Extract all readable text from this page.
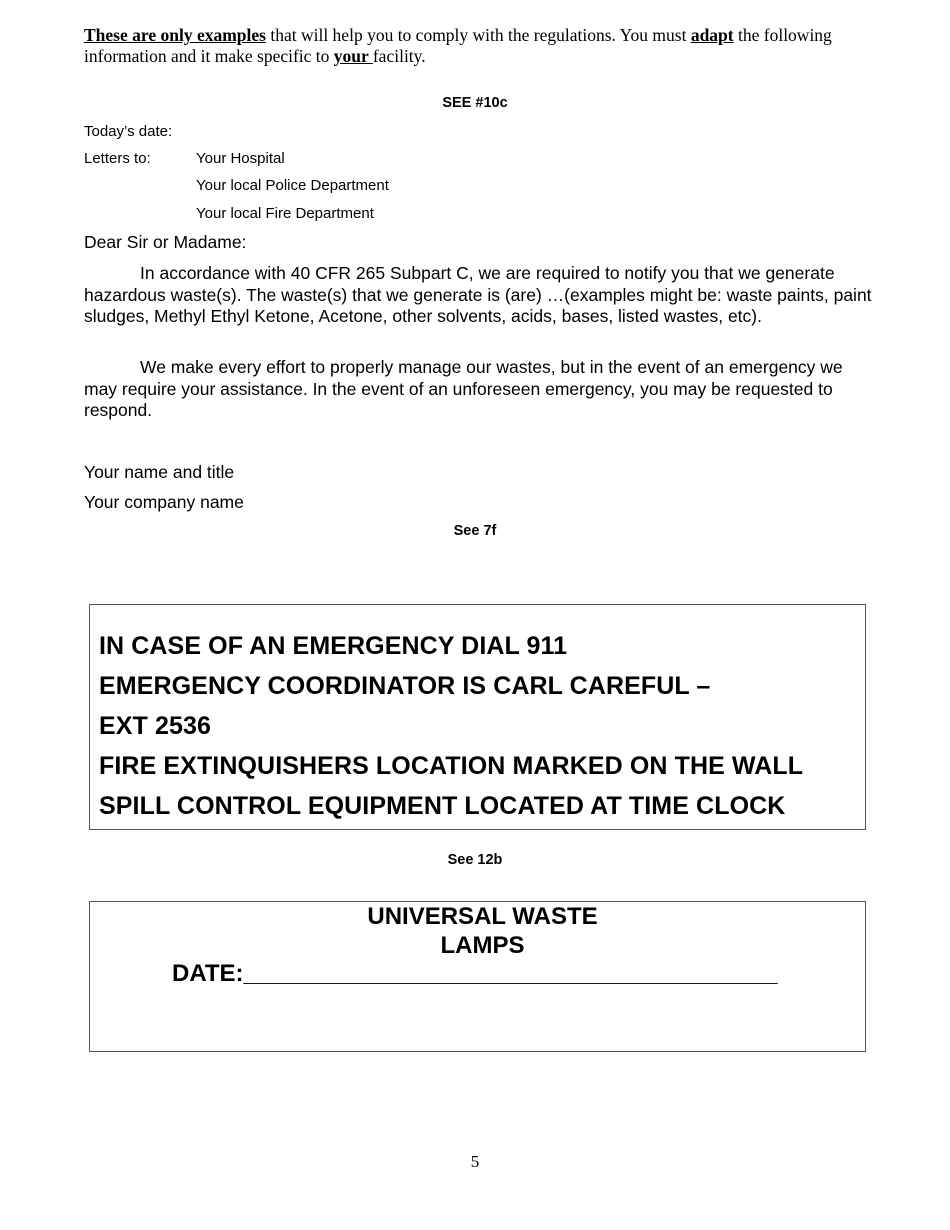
These are only examples that will help you to comply with the regulations. You must adapt the following information and it make specific to your facility.
SEE #10c
Today’s date:
Letters to:	Your Hospital
Your local Police Department
Your local Fire Department
Dear Sir or Madame:
In accordance with 40 CFR 265 Subpart C, we are required to notify you that we generate hazardous waste(s). The waste(s) that we generate is (are) …(examples might be: waste paints, paint sludges, Methyl Ethyl Ketone, Acetone, other solvents, acids, bases, listed wastes, etc).
We make every effort to properly manage our wastes, but in the event of an emergency we may require your assistance. In the event of an unforeseen emergency, you may be requested to respond.
Your name and title
Your company name
See 7f
IN CASE OF AN EMERGENCY DIAL 911
EMERGENCY COORDINATOR IS CARL CAREFUL –
EXT 2536
FIRE EXTINQUISHERS LOCATION MARKED ON THE WALL
SPILL CONTROL EQUIPMENT LOCATED AT TIME CLOCK
See 12b
UNIVERSAL WASTE
LAMPS
DATE:________________________________________
5
